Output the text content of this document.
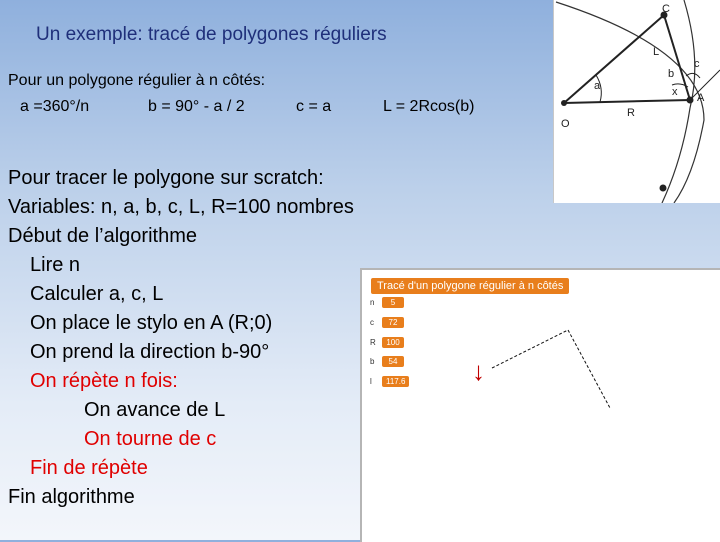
Un exemple: tracé de polygones réguliers
Pour un polygone régulier à n côtés:
a =360°/n	b = 90° - a / 2	c = a	L = 2Rcos(b)
Pour tracer le polygone sur scratch:
Variables: n, a, b, c, L, R=100 nombres
Début de l’algorithme
Lire n
Calculer a, c, L
On place le stylo en A (R;0)
On prend la direction b-90°
On répète n fois:
On avance de L
On tourne de c
Fin de répète
Fin algorithme
C
L
b
c
x
a
A
O
R
Tracé d'un polygone régulier à n côtés
n	5
c	72
R	100
b	54
l	117.6	↓
